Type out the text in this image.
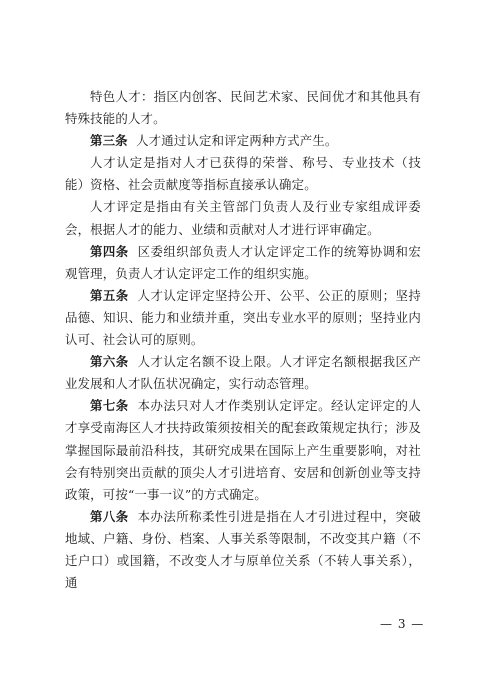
特色人才：指区内创客、民间艺术家、民间优才和其他具有特殊技能的人才。

第三条 人才通过认定和评定两种方式产生。

人才认定是指对人才已获得的荣誉、称号、专业技术（技能）资格、社会贡献度等指标直接承认确定。

人才评定是指由有关主管部门负责人及行业专家组成评委会，根据人才的能力、业绩和贡献对人才进行评审确定。

第四条 区委组织部负责人才认定评定工作的统筹协调和宏观管理，负责人才认定评定工作的组织实施。

第五条 人才认定评定坚持公开、公平、公正的原则；坚持品德、知识、能力和业绩并重，突出专业水平的原则；坚持业内认可、社会认可的原则。

第六条 人才认定名额不设上限。人才评定名额根据我区产业发展和人才队伍状况确定，实行动态管理。

第七条 本办法只对人才作类别认定评定。经认定评定的人才享受南海区人才扶持政策须按相关的配套政策规定执行；涉及掌握国际最前沿科技，其研究成果在国际上产生重要影响，对社会有特别突出贡献的顶尖人才引进培育、安居和创新创业等支持政策，可按“一事一议”的方式确定。

第八条 本办法所称柔性引进是指在人才引进过程中，突破地域、户籍、身份、档案、人事关系等限制，不改变其户籍（不迁户口）或国籍，不改变人才与原单位关系（不转人事关系），通

— 3 —
